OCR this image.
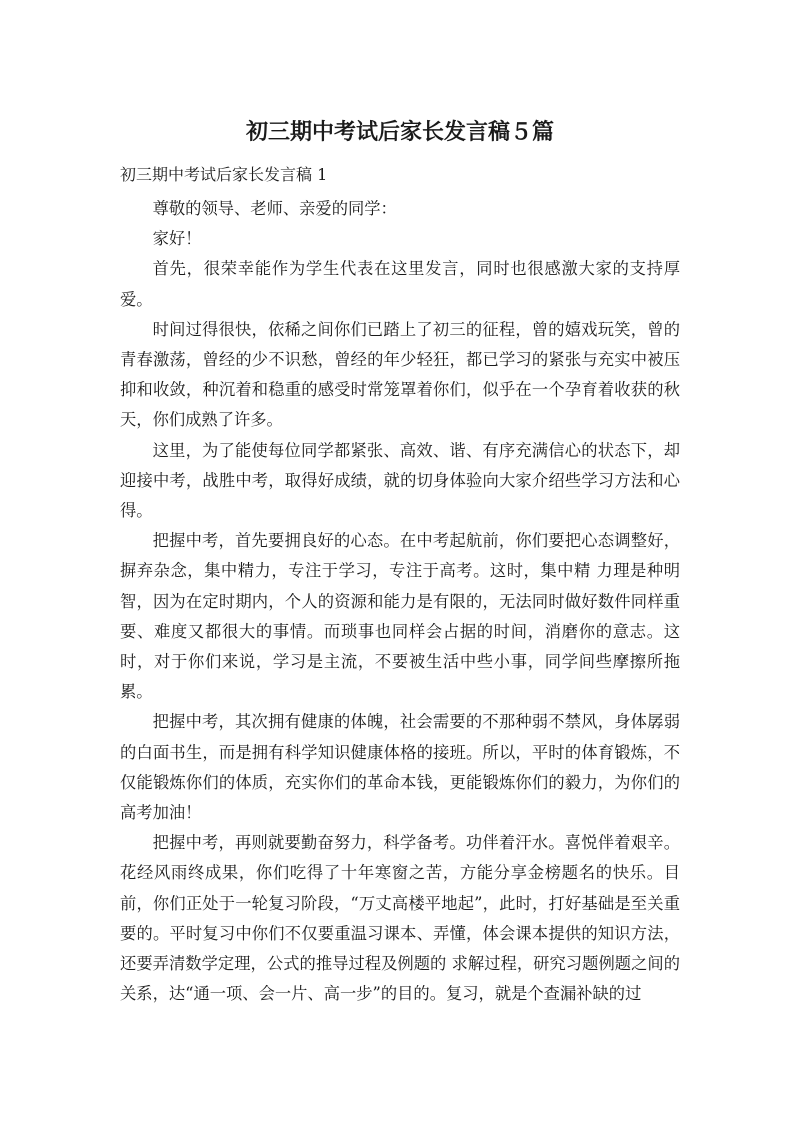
初三期中考试后家长发言稿５篇

初三期中考试后家长发言稿 1

尊敬的领导、老师、亲爱的同学：

家好！

首先，很荣幸能作为学生代表在这里发言，同时也很感激大家的支持厚爱。

时间过得很快，依稀之间你们已踏上了初三的征程，曾的嬉戏玩笑，曾的青春激荡，曾经的少不识愁，曾经的年少轻狂，都已学习的紧张与充实中被压抑和收敛，种沉着和稳重的感受时常笼罩着你们，似乎在一个孕育着收获的秋天，你们成熟了许多。

这里，为了能使每位同学都紧张、高效、谐、有序充满信心的状态下，却迎接中考，战胜中考，取得好成绩，就的切身体验向大家介绍些学习方法和心得。

把握中考，首先要拥良好的心态。在中考起航前，你们要把心态调整好，摒弃杂念，集中精力，专注于学习，专注于高考。这时，集中精 力理是种明智，因为在定时期内，个人的资源和能力是有限的，无法同时做好数件同样重要、难度又都很大的事情。而琐事也同样会占据的时间，消磨你的意志。这时，对于你们来说，学习是主流，不要被生活中些小事，同学间些摩擦所拖累。

把握中考，其次拥有健康的体魄，社会需要的不那种弱不禁风，身体孱弱的白面书生，而是拥有科学知识健康体格的接班。所以，平时的体育锻炼，不仅能锻炼你们的体质，充实你们的革命本钱，更能锻炼你们的毅力，为你们的高考加油！

把握中考，再则就要勤奋努力，科学备考。功伴着汗水。喜悦伴着艰辛。花经风雨终成果，你们吃得了十年寒窗之苦，方能分享金榜题名的快乐。目前，你们正处于一轮复习阶段，“万丈高楼平地起”，此时，打好基础是至关重要的。平时复习中你们不仅要重温习课本、弄懂，体会课本提供的知识方法，还要弄清数学定理，公式的推导过程及例题的 求解过程，研究习题例题之间的关系，达“通一项、会一片、高一步”的目的。复习，就是个查漏补缺的过
